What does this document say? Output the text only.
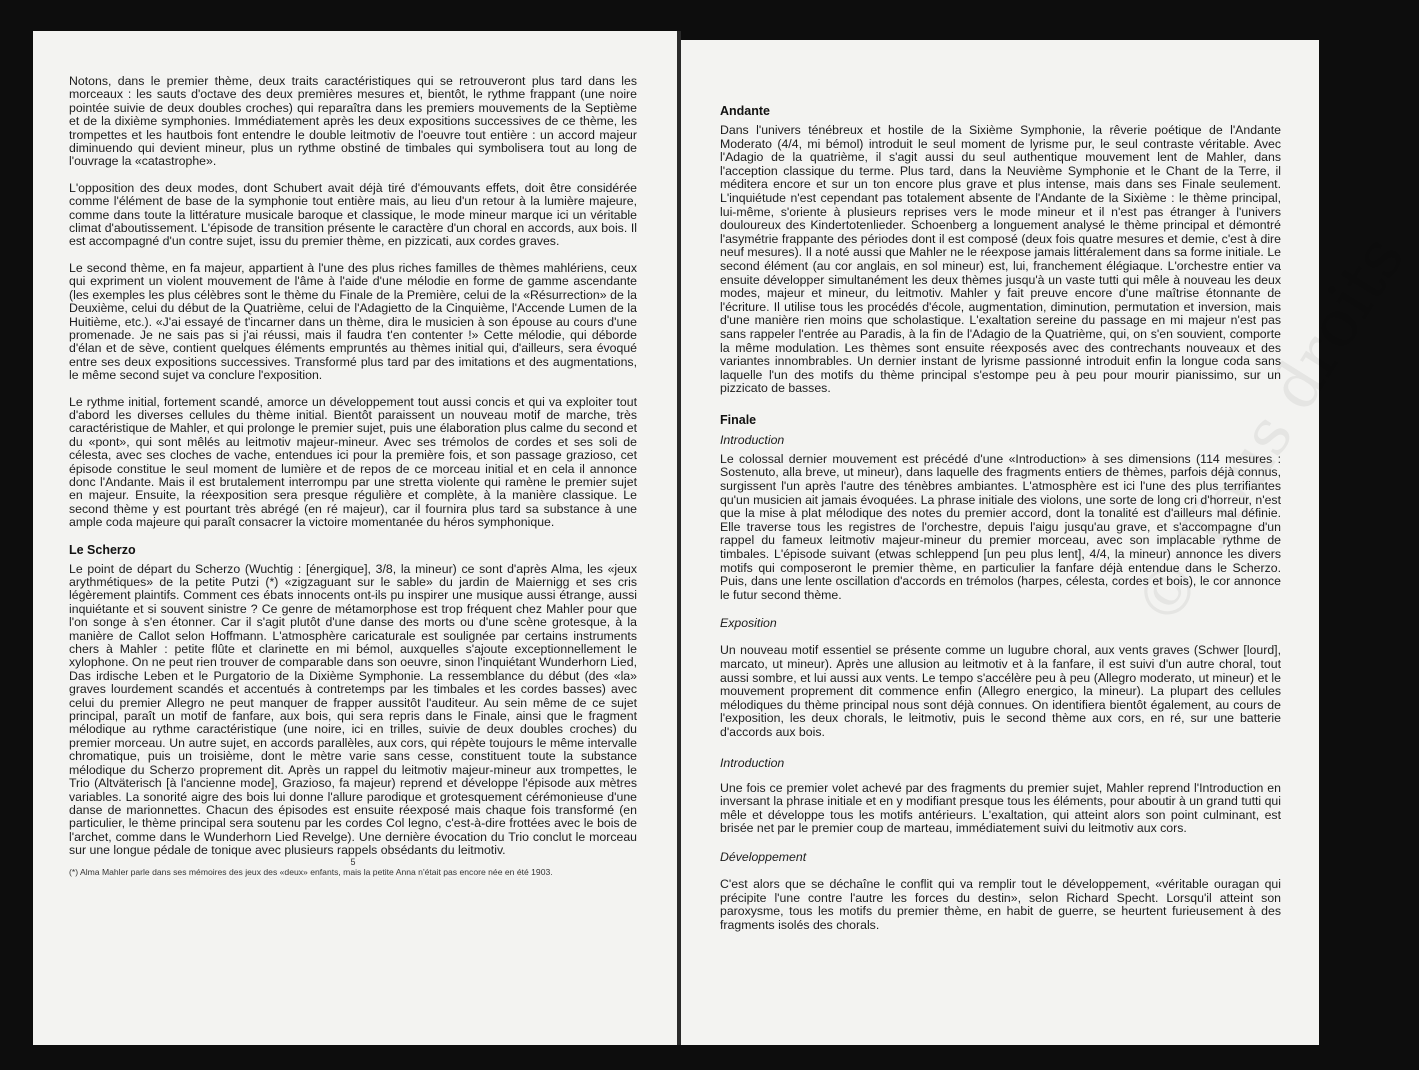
Notons, dans le premier thème, deux traits caractéristiques qui se retrouveront plus tard dans les morceaux : les sauts d'octave des deux premières mesures et, bientôt, le rythme frappant (une noire pointée suivie de deux doubles croches) qui reparaîtra dans les premiers mouvements de la Septième et de la dixième symphonies. Immédiatement après les deux expositions successives de ce thème, les trompettes et les hautbois font entendre le double leitmotiv de l'oeuvre tout entière : un accord majeur diminuendo qui devient mineur, plus un rythme obstiné de timbales qui symbolisera tout au long de l'ouvrage la «catastrophe».

L'opposition des deux modes, dont Schubert avait déjà tiré d'émouvants effets, doit être considérée comme l'élément de base de la symphonie tout entière mais, au lieu d'un retour à la lumière majeure, comme dans toute la littérature musicale baroque et classique, le mode mineur marque ici un véritable climat d'aboutissement. L'épisode de transition présente le caractère d'un choral en accords, aux bois. Il est accompagné d'un contre sujet, issu du premier thème, en pizzicati, aux cordes graves.

Le second thème, en fa majeur, appartient à l'une des plus riches familles de thèmes mahlériens, ceux qui expriment un violent mouvement de l'âme à l'aide d'une mélodie en forme de gamme ascendante (les exemples les plus célèbres sont le thème du Finale de la Première, celui de la «Résurrection» de la Deuxième, celui du début de la Quatrième, celui de l'Adagietto de la Cinquième, l'Accende Lumen de la Huitième, etc.). «J'ai essayé de t'incarner dans un thème, dira le musicien à son épouse au cours d'une promenade. Je ne sais pas si j'ai réussi, mais il faudra t'en contenter !» Cette mélodie, qui déborde d'élan et de sève, contient quelques éléments empruntés au thèmes initial qui, d'ailleurs, sera évoqué entre ses deux expositions successives. Transformé plus tard par des imitations et des augmentations, le même second sujet va conclure l'exposition.

Le rythme initial, fortement scandé, amorce un développement tout aussi concis et qui va exploiter tout d'abord les diverses cellules du thème initial. Bientôt paraissent un nouveau motif de marche, très caractéristique de Mahler, et qui prolonge le premier sujet, puis une élaboration plus calme du second et du «pont», qui sont mêlés au leitmotiv majeur-mineur. Avec ses trémolos de cordes et ses soli de célesta, avec ses cloches de vache, entendues ici pour la première fois, et son passage grazioso, cet épisode constitue le seul moment de lumière et de repos de ce morceau initial et en cela il annonce donc l'Andante. Mais il est brutalement interrompu par une stretta violente qui ramène le premier sujet en majeur. Ensuite, la réexposition sera presque régulière et complète, à la manière classique. Le second thème y est pourtant très abrégé (en ré majeur), car il fournira plus tard sa substance à une ample coda majeure qui paraît consacrer la victoire momentanée du héros symphonique.

Le Scherzo

Le point de départ du Scherzo (Wuchtig : [énergique], 3/8, la mineur) ce sont d'après Alma, les «jeux arythmétiques» de la petite Putzi (*) «zigzaguant sur le sable» du jardin de Maiernigg et ses cris légèrement plaintifs. Comment ces ébats innocents ont-ils pu inspirer une musique aussi étrange, aussi inquiétante et si souvent sinistre ? Ce genre de métamorphose est trop fréquent chez Mahler pour que l'on songe à s'en étonner. Car il s'agit plutôt d'une danse des morts ou d'une scène grotesque, à la manière de Callot selon Hoffmann. L'atmosphère caricaturale est soulignée par certains instruments chers à Mahler : petite flûte et clarinette en mi bémol, auxquelles s'ajoute exceptionnellement le xylophone. On ne peut rien trouver de comparable dans son oeuvre, sinon l'inquiétant Wunderhorn Lied, Das irdische Leben et le Purgatorio de la Dixième Symphonie. La ressemblance du début (des «la» graves lourdement scandés et accentués à contretemps par les timbales et les cordes basses) avec celui du premier Allegro ne peut manquer de frapper aussitôt l'auditeur. Au sein même de ce sujet principal, paraît un motif de fanfare, aux bois, qui sera repris dans le Finale, ainsi que le fragment mélodique au rythme caractéristique (une noire, ici en trilles, suivie de deux doubles croches) du premier morceau. Un autre sujet, en accords parallèles, aux cors, qui répète toujours le même intervalle chromatique, puis un troisième, dont le mètre varie sans cesse, constituent toute la substance mélodique du Scherzo proprement dit. Après un rappel du leitmotiv majeur-mineur aux trompettes, le Trio (Altväterisch [à l'ancienne mode], Grazioso, fa majeur) reprend et développe l'épisode aux mètres variables. La sonorité aigre des bois lui donne l'allure parodique et grotesquement cérémonieuse d'une danse de marionnettes. Chacun des épisodes est ensuite réexposé mais chaque fois transformé (en particulier, le thème principal sera soutenu par les cordes Col legno, c'est-à-dire frottées avec le bois de l'archet, comme dans le Wunderhorn Lied Revelge). Une dernière évocation du Trio conclut le morceau sur une longue pédale de tonique avec plusieurs rappels obsédants du leitmotiv.

5

(*) Alma Mahler parle dans ses mémoires des jeux des «deux» enfants, mais la petite Anna n'était pas encore née en été 1903.

© Tous droits
Andante

Dans l'univers ténébreux et hostile de la Sixième Symphonie, la rêverie poétique de l'Andante Moderato (4/4, mi bémol) introduit le seul moment de lyrisme pur, le seul contraste véritable. Avec l'Adagio de la quatrième, il s'agit aussi du seul authentique mouvement lent de Mahler, dans l'acception classique du terme. Plus tard, dans la Neuvième Symphonie et le Chant de la Terre, il méditera encore et sur un ton encore plus grave et plus intense, mais dans ses Finale seulement. L'inquiétude n'est cependant pas totalement absente de l'Andante de la Sixième : le thème principal, lui-même, s'oriente à plusieurs reprises vers le mode mineur et il n'est pas étranger à l'univers douloureux des Kindertotenlieder. Schoenberg a longuement analysé le thème principal et démontré l'asymétrie frappante des périodes dont il est composé (deux fois quatre mesures et demie, c'est à dire neuf mesures). Il a noté aussi que Mahler ne le réexpose jamais littéralement dans sa forme initiale. Le second élément (au cor anglais, en sol mineur) est, lui, franchement élégiaque. L'orchestre entier va ensuite développer simultanément les deux thèmes jusqu'à un vaste tutti qui mêle à nouveau les deux modes, majeur et mineur, du leitmotiv. Mahler y fait preuve encore d'une maîtrise étonnante de l'écriture. Il utilise tous les procédés d'école, augmentation, diminution, permutation et inversion, mais d'une manière rien moins que scholastique. L'exaltation sereine du passage en mi majeur n'est pas sans rappeler l'entrée au Paradis, à la fin de l'Adagio de la Quatrième, qui, on s'en souvient, comporte la même modulation. Les thèmes sont ensuite réexposés avec des contrechants nouveaux et des variantes innombrables. Un dernier instant de lyrisme passionné introduit enfin la longue coda sans laquelle l'un des motifs du thème principal s'estompe peu à peu pour mourir pianissimo, sur un pizzicato de basses.

Finale
Introduction

Le colossal dernier mouvement est précédé d'une «Introduction» à ses dimensions (114 mesures : Sostenuto, alla breve, ut mineur), dans laquelle des fragments entiers de thèmes, parfois déjà connus, surgissent l'un après l'autre des ténèbres ambiantes. L'atmosphère est ici l'une des plus terrifiantes qu'un musicien ait jamais évoquées. La phrase initiale des violons, une sorte de long cri d'horreur, n'est que la mise à plat mélodique des notes du premier accord, dont la tonalité est d'ailleurs mal définie. Elle traverse tous les registres de l'orchestre, depuis l'aigu jusqu'au grave, et s'accompagne d'un rappel du fameux leitmotiv majeur-mineur du premier morceau, avec son implacable rythme de timbales. L'épisode suivant (etwas schleppend [un peu plus lent], 4/4, la mineur) annonce les divers motifs qui composeront le premier thème, en particulier la fanfare déjà entendue dans le Scherzo. Puis, dans une lente oscillation d'accords en trémolos (harpes, célesta, cordes et bois), le cor annonce le futur second thème.

Exposition

Un nouveau motif essentiel se présente comme un lugubre choral, aux vents graves (Schwer [lourd], marcato, ut mineur). Après une allusion au leitmotiv et à la fanfare, il est suivi d'un autre choral, tout aussi sombre, et lui aussi aux vents. Le tempo s'accélère peu à peu (Allegro moderato, ut mineur) et le mouvement proprement dit commence enfin (Allegro energico, la mineur). La plupart des cellules mélodiques du thème principal nous sont déjà connues. On identifiera bientôt également, au cours de l'exposition, les deux chorals, le leitmotiv, puis le second thème aux cors, en ré, sur une batterie d'accords aux bois.

Introduction

Une fois ce premier volet achevé par des fragments du premier sujet, Mahler reprend l'Introduction en inversant la phrase initiale et en y modifiant presque tous les éléments, pour aboutir à un grand tutti qui mêle et développe tous les motifs antérieurs. L'exaltation, qui atteint alors son point culminant, est brisée net par le premier coup de marteau, immédiatement suivi du leitmotiv aux cors.

Développement

C'est alors que se déchaîne le conflit qui va remplir tout le développement, «véritable ouragan qui précipite l'une contre l'autre les forces du destin», selon Richard Specht. Lorsqu'il atteint son paroxysme, tous les motifs du premier thème, en habit de guerre, se heurtent furieusement à des fragments isolés des chorals.
